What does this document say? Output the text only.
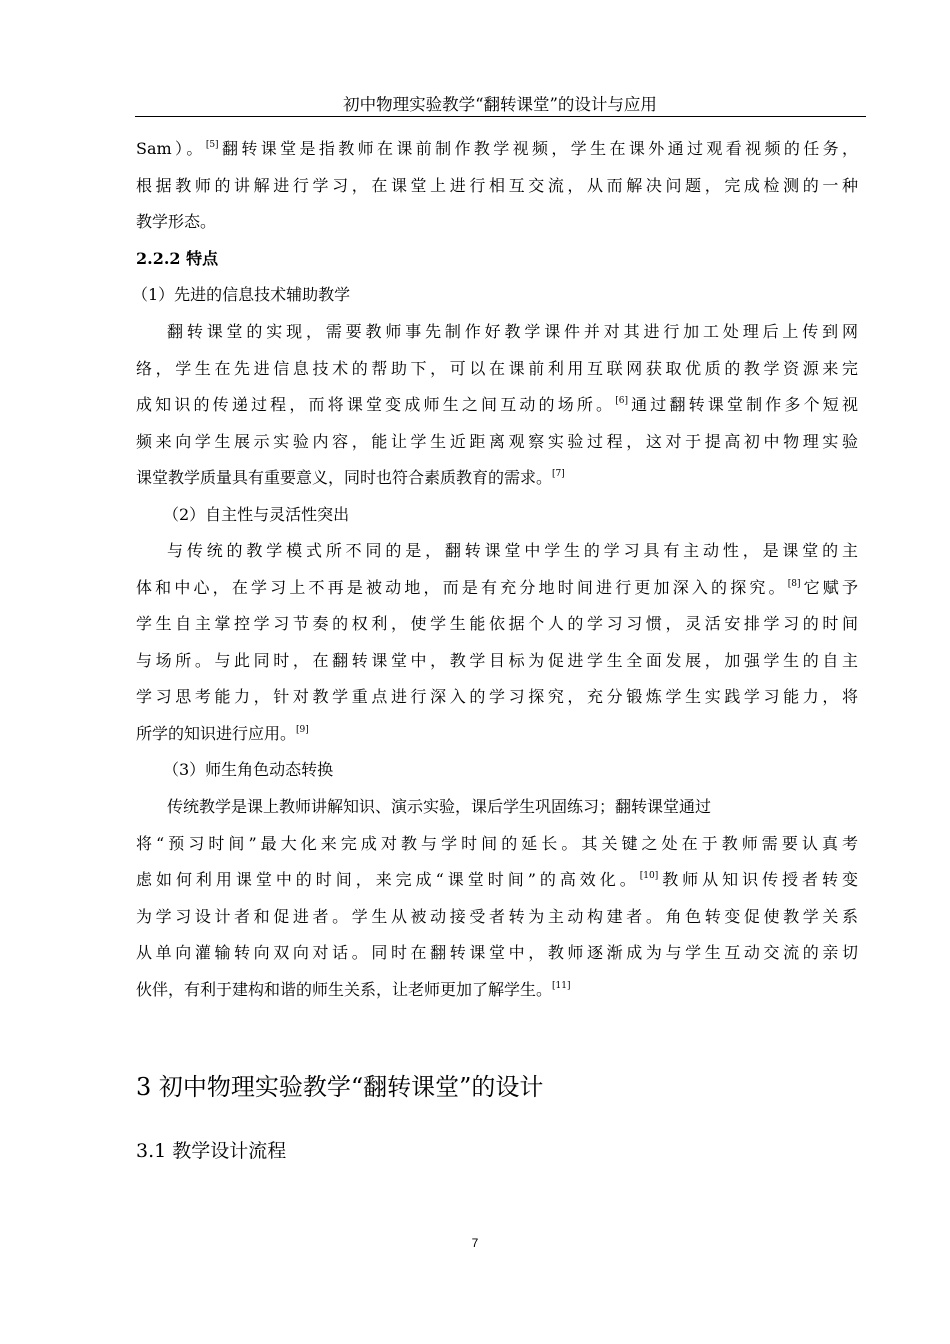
初中物理实验教学“翻转课堂”的设计与应用
Sam）。[5]翻转课堂是指教师在课前制作教学视频，学生在课外通过观看视频的任务，
根据教师的讲解进行学习，在课堂上进行相互交流，从而解决问题，完成检测的一种
教学形态。
2.2.2 特点
（1）先进的信息技术辅助教学
翻转课堂的实现，需要教师事先制作好教学课件并对其进行加工处理后上传到网
络，学生在先进信息技术的帮助下，可以在课前利用互联网获取优质的教学资源来完
成知识的传递过程，而将课堂变成师生之间互动的场所。[6]通过翻转课堂制作多个短视
频来向学生展示实验内容，能让学生近距离观察实验过程，这对于提高初中物理实验
课堂教学质量具有重要意义，同时也符合素质教育的需求。[7]
（2）自主性与灵活性突出
与传统的教学模式所不同的是，翻转课堂中学生的学习具有主动性，是课堂的主
体和中心，在学习上不再是被动地，而是有充分地时间进行更加深入的探究。[8]它赋予
学生自主掌控学习节奏的权利，使学生能依据个人的学习习惯，灵活安排学习的时间
与场所。与此同时，在翻转课堂中，教学目标为促进学生全面发展，加强学生的自主
学习思考能力，针对教学重点进行深入的学习探究，充分锻炼学生实践学习能力，将
所学的知识进行应用。[9]
（3）师生角色动态转换
传统教学是课上教师讲解知识、演示实验，课后学生巩固练习；翻转课堂通过
将“预习时间”最大化来完成对教与学时间的延长。其关键之处在于教师需要认真考
虑如何利用课堂中的时间，来完成“课堂时间”的高效化。[10]教师从知识传授者转变
为学习设计者和促进者。学生从被动接受者转为主动构建者。角色转变促使教学关系
从单向灌输转向双向对话。同时在翻转课堂中，教师逐渐成为与学生互动交流的亲切
伙伴，有利于建构和谐的师生关系，让老师更加了解学生。[11]
3 初中物理实验教学“翻转课堂”的设计
3.1 教学设计流程
7
